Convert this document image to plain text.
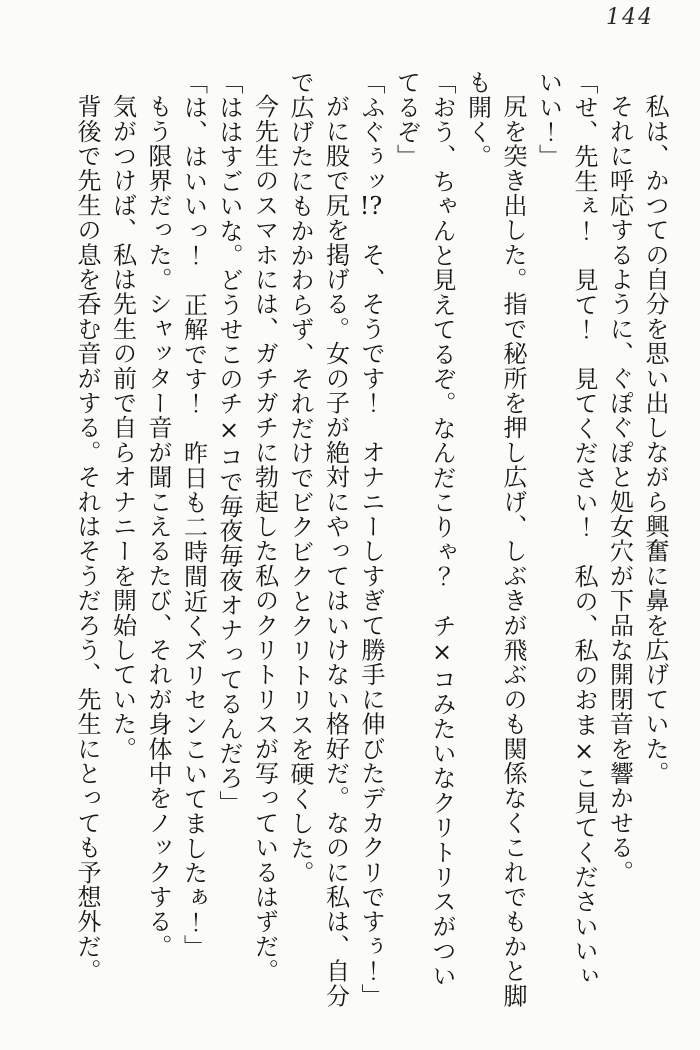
144

私は、かつての自分を思い出しながら興奮に鼻を広げていた。

それに呼応するように、ぐぽぐぽと処女穴が下品な開閉音を響かせる。

「せ、先生ぇ！　見て！　見てください！　私の、私のおま×こ見てくださいいぃいい！」

尻を突き出した。指で秘所を押し広げ、しぶきが飛ぶのも関係なくこれでもかと脚も開く。

「おう、ちゃんと見えてるぞ。なんだこりゃ？　チ×コみたいなクリトリスがついてるぞ」

「ふぐぅッ!?　そ、そうです！　オナニーしすぎて勝手に伸びたデカクリですぅ！」

がに股で尻を掲げる。女の子が絶対にやってはいけない格好だ。なのに私は、自分で広げたにもかかわらず、それだけでビクビクとクリトリスを硬くした。

今先生のスマホには、ガチガチに勃起した私のクリトリスが写っているはずだ。

「ははすごいな。どうせこのチ×コで毎夜毎夜オナってるんだろ」

「は、はいいっ！　正解です！　昨日も二時間近くズリセンこいてましたぁ！」

もう限界だった。シャッター音が聞こえるたび、それが身体中をノックする。

気がつけば、私は先生の前で自らオナニーを開始していた。

背後で先生の息を呑む音がする。それはそうだろう、先生にとっても予想外だ。
